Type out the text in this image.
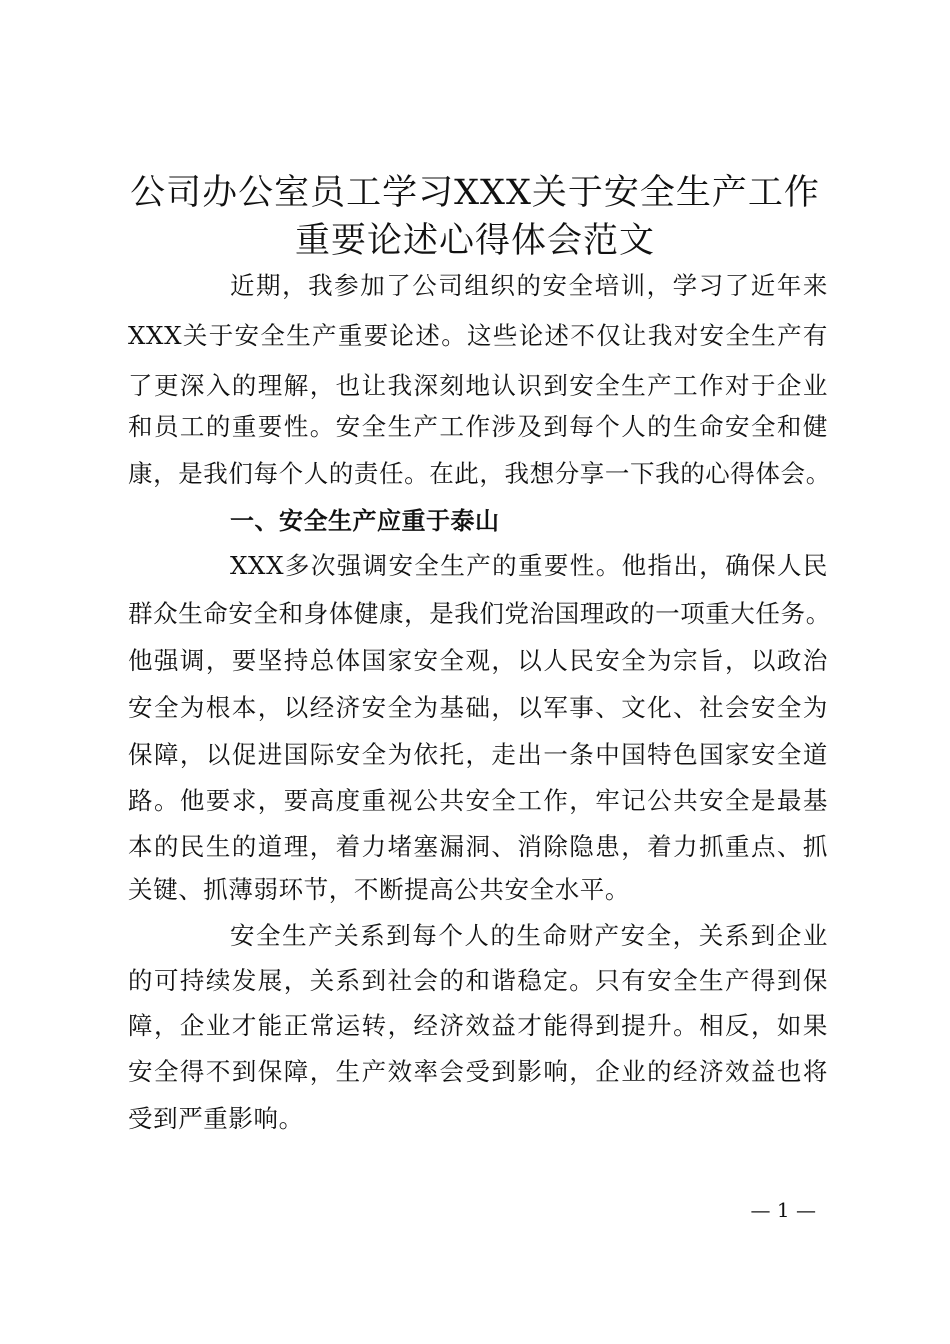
公司办公室员工学习XXX关于安全生产工作
重要论述心得体会范文
近期，我参加了公司组织的安全培训，学习了近年来
XXX关于安全生产重要论述。这些论述不仅让我对安全生产有
了更深入的理解，也让我深刻地认识到安全生产工作对于企业
和员工的重要性。安全生产工作涉及到每个人的生命安全和健
康，是我们每个人的责任。在此，我想分享一下我的心得体会。
一、安全生产应重于泰山
XXX多次强调安全生产的重要性。他指出，确保人民
群众生命安全和身体健康，是我们党治国理政的一项重大任务。
他强调，要坚持总体国家安全观，以人民安全为宗旨，以政治
安全为根本，以经济安全为基础，以军事、文化、社会安全为
保障，以促进国际安全为依托，走出一条中国特色国家安全道
路。他要求，要高度重视公共安全工作，牢记公共安全是最基
本的民生的道理，着力堵塞漏洞、消除隐患，着力抓重点、抓
关键、抓薄弱环节，不断提高公共安全水平。
安全生产关系到每个人的生命财产安全，关系到企业
的可持续发展，关系到社会的和谐稳定。只有安全生产得到保
障，企业才能正常运转，经济效益才能得到提升。相反，如果
安全得不到保障，生产效率会受到影响，企业的经济效益也将
受到严重影响。
— 1 —
